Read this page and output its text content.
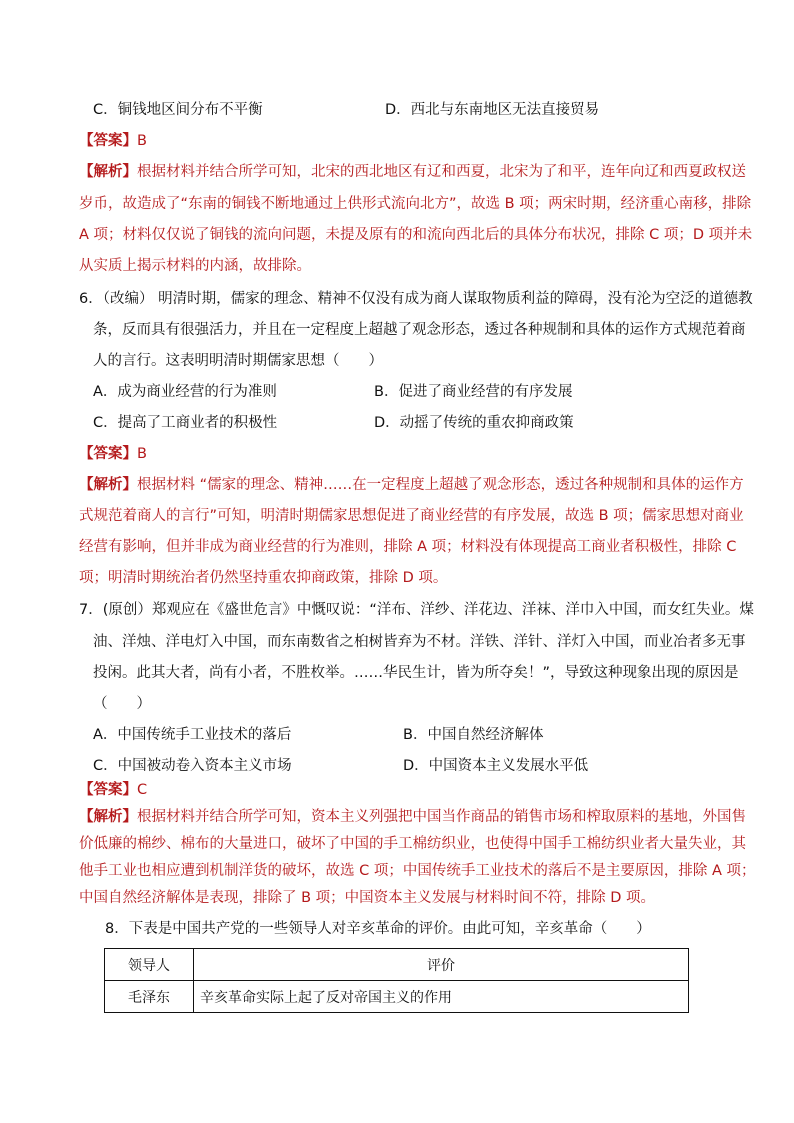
C．铜钱地区间分布不平衡	D．西北与东南地区无法直接贸易
【答案】B
【解析】根据材料并结合所学可知，北宋的西北地区有辽和西夏，北宋为了和平，连年向辽和西夏政权送
岁币，故造成了“东南的铜钱不断地通过上供形式流向北方”，故选 B 项；两宋时期，经济重心南移，排除
A 项；材料仅仅说了铜钱的流向问题，未提及原有的和流向西北后的具体分布状况，排除 C 项；D 项并未
从实质上揭示材料的内涵，故排除。
6．（改编） 明清时期，儒家的理念、精神不仅没有成为商人谋取物质利益的障碍，没有沦为空泛的道德教
条，反而具有很强活力，并且在一定程度上超越了观念形态，透过各种规制和具体的运作方式规范着商
人的言行。这表明明清时期儒家思想（　　）
A．成为商业经营的行为准则	B．促进了商业经营的有序发展
C．提高了工商业者的积极性	D．动摇了传统的重农抑商政策
【答案】B
【解析】根据材料 “儒家的理念、精神……在一定程度上超越了观念形态，透过各种规制和具体的运作方
式规范着商人的言行”可知，明清时期儒家思想促进了商业经营的有序发展，故选 B 项；儒家思想对商业
经营有影响，但并非成为商业经营的行为准则，排除 A 项；材料没有体现提高工商业者积极性，排除 C
项；明清时期统治者仍然坚持重农抑商政策，排除 D 项。
7．(原创）郑观应在《盛世危言》中慨叹说：“洋布、洋纱、洋花边、洋袜、洋巾入中国，而女红失业。煤
油、洋烛、洋电灯入中国，而东南数省之桕树皆弃为不材。洋铁、洋针、洋灯入中国，而业冶者多无事
投闲。此其大者，尚有小者，不胜枚举。……华民生计，皆为所夺矣！”，导致这种现象出现的原因是
（　　）
A．中国传统手工业技术的落后	B．中国自然经济解体
C．中国被动卷入资本主义市场	D．中国资本主义发展水平低
【答案】C
【解析】根据材料并结合所学可知，资本主义列强把中国当作商品的销售市场和榨取原料的基地，外国售
价低廉的棉纱、棉布的大量进口，破坏了中国的手工棉纺织业，也使得中国手工棉纺织业者大量失业，其
他手工业也相应遭到机制洋货的破坏，故选 C 项；中国传统手工业技术的落后不是主要原因，排除 A 项；
中国自然经济解体是表现，排除了 B 项；中国资本主义发展与材料时间不符，排除 D 项。
8．下表是中国共产党的一些领导人对辛亥革命的评价。由此可知，辛亥革命（　　）
领导人	评价
毛泽东	辛亥革命实际上起了反对帝国主义的作用
